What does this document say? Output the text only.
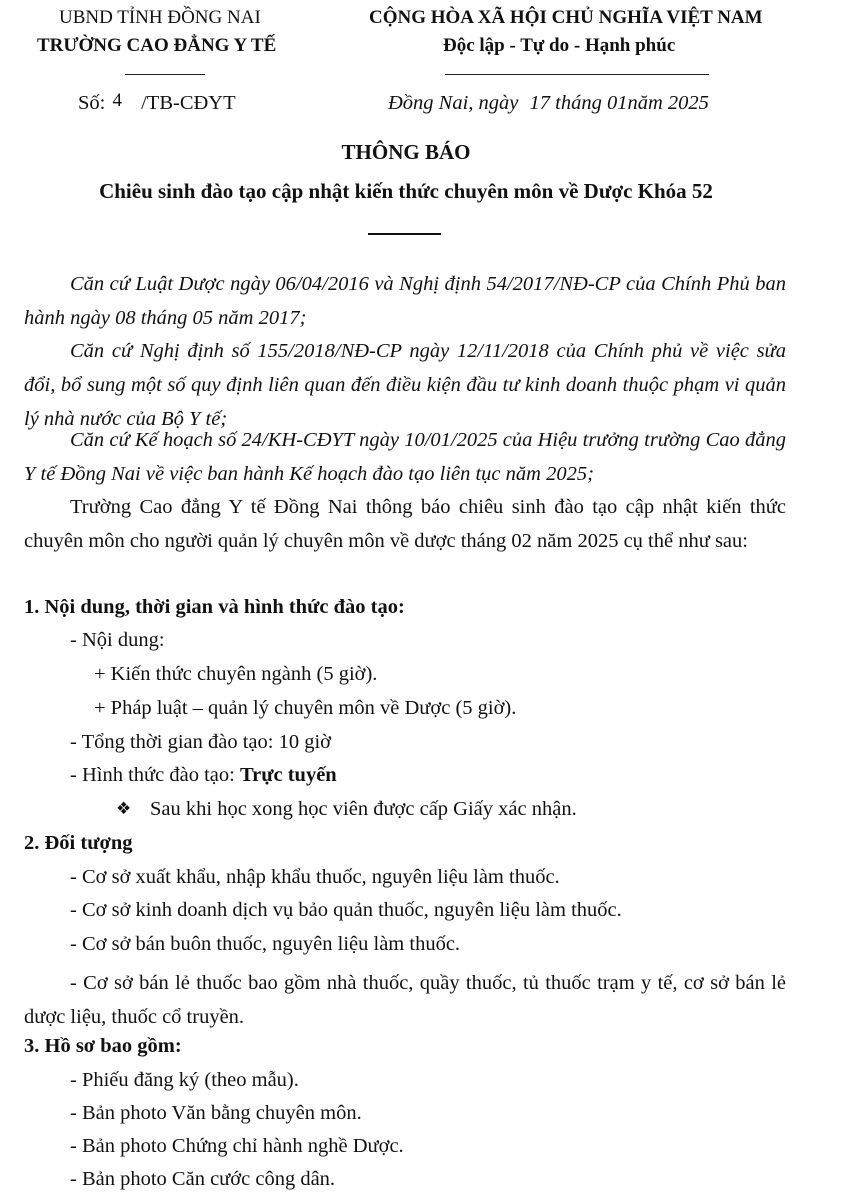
UBND TỈNH ĐỒNG NAI
TRƯỜNG CAO ĐẲNG Y TẾ
CỘNG HÒA XÃ HỘI CHỦ NGHĨA VIỆT NAM
Độc lập - Tự do - Hạnh phúc
Số: 4 /TB-CĐYT	Đồng Nai, ngày 17 tháng 01năm 2025
THÔNG BÁO
Chiêu sinh đào tạo cập nhật kiến thức chuyên môn về Dược Khóa 52
Căn cứ Luật Dược ngày 06/04/2016 và Nghị định 54/2017/NĐ-CP của Chính Phủ ban hành ngày 08 tháng 05 năm 2017;
Căn cứ Nghị định số 155/2018/NĐ-CP ngày 12/11/2018 của Chính phủ về việc sửa đổi, bổ sung một số quy định liên quan đến điều kiện đầu tư kinh doanh thuộc phạm vi quản lý nhà nước của Bộ Y tế;
Căn cứ Kế hoạch số 24/KH-CĐYT ngày 10/01/2025 của Hiệu trưởng trường Cao đẳng Y tế Đồng Nai về việc ban hành Kế hoạch đào tạo liên tục năm 2025;
Trường Cao đẳng Y tế Đồng Nai thông báo chiêu sinh đào tạo cập nhật kiến thức chuyên môn cho người quản lý chuyên môn về dược tháng 02 năm 2025 cụ thể như sau:
1. Nội dung, thời gian và hình thức đào tạo:
- Nội dung:
+ Kiến thức chuyên ngành (5 giờ).
+ Pháp luật – quản lý chuyên môn về Dược (5 giờ).
- Tổng thời gian đào tạo: 10 giờ
- Hình thức đào tạo: Trực tuyến
❖ Sau khi học xong học viên được cấp Giấy xác nhận.
2. Đối tượng
- Cơ sở xuất khẩu, nhập khẩu thuốc, nguyên liệu làm thuốc.
- Cơ sở kinh doanh dịch vụ bảo quản thuốc, nguyên liệu làm thuốc.
- Cơ sở bán buôn thuốc, nguyên liệu làm thuốc.
- Cơ sở bán lẻ thuốc bao gồm nhà thuốc, quầy thuốc, tủ thuốc trạm y tế, cơ sở bán lẻ dược liệu, thuốc cổ truyền.
3. Hồ sơ bao gồm:
- Phiếu đăng ký (theo mẫu).
- Bản photo Văn bằng chuyên môn.
- Bản photo Chứng chỉ hành nghề Dược.
- Bản photo Căn cước công dân.
